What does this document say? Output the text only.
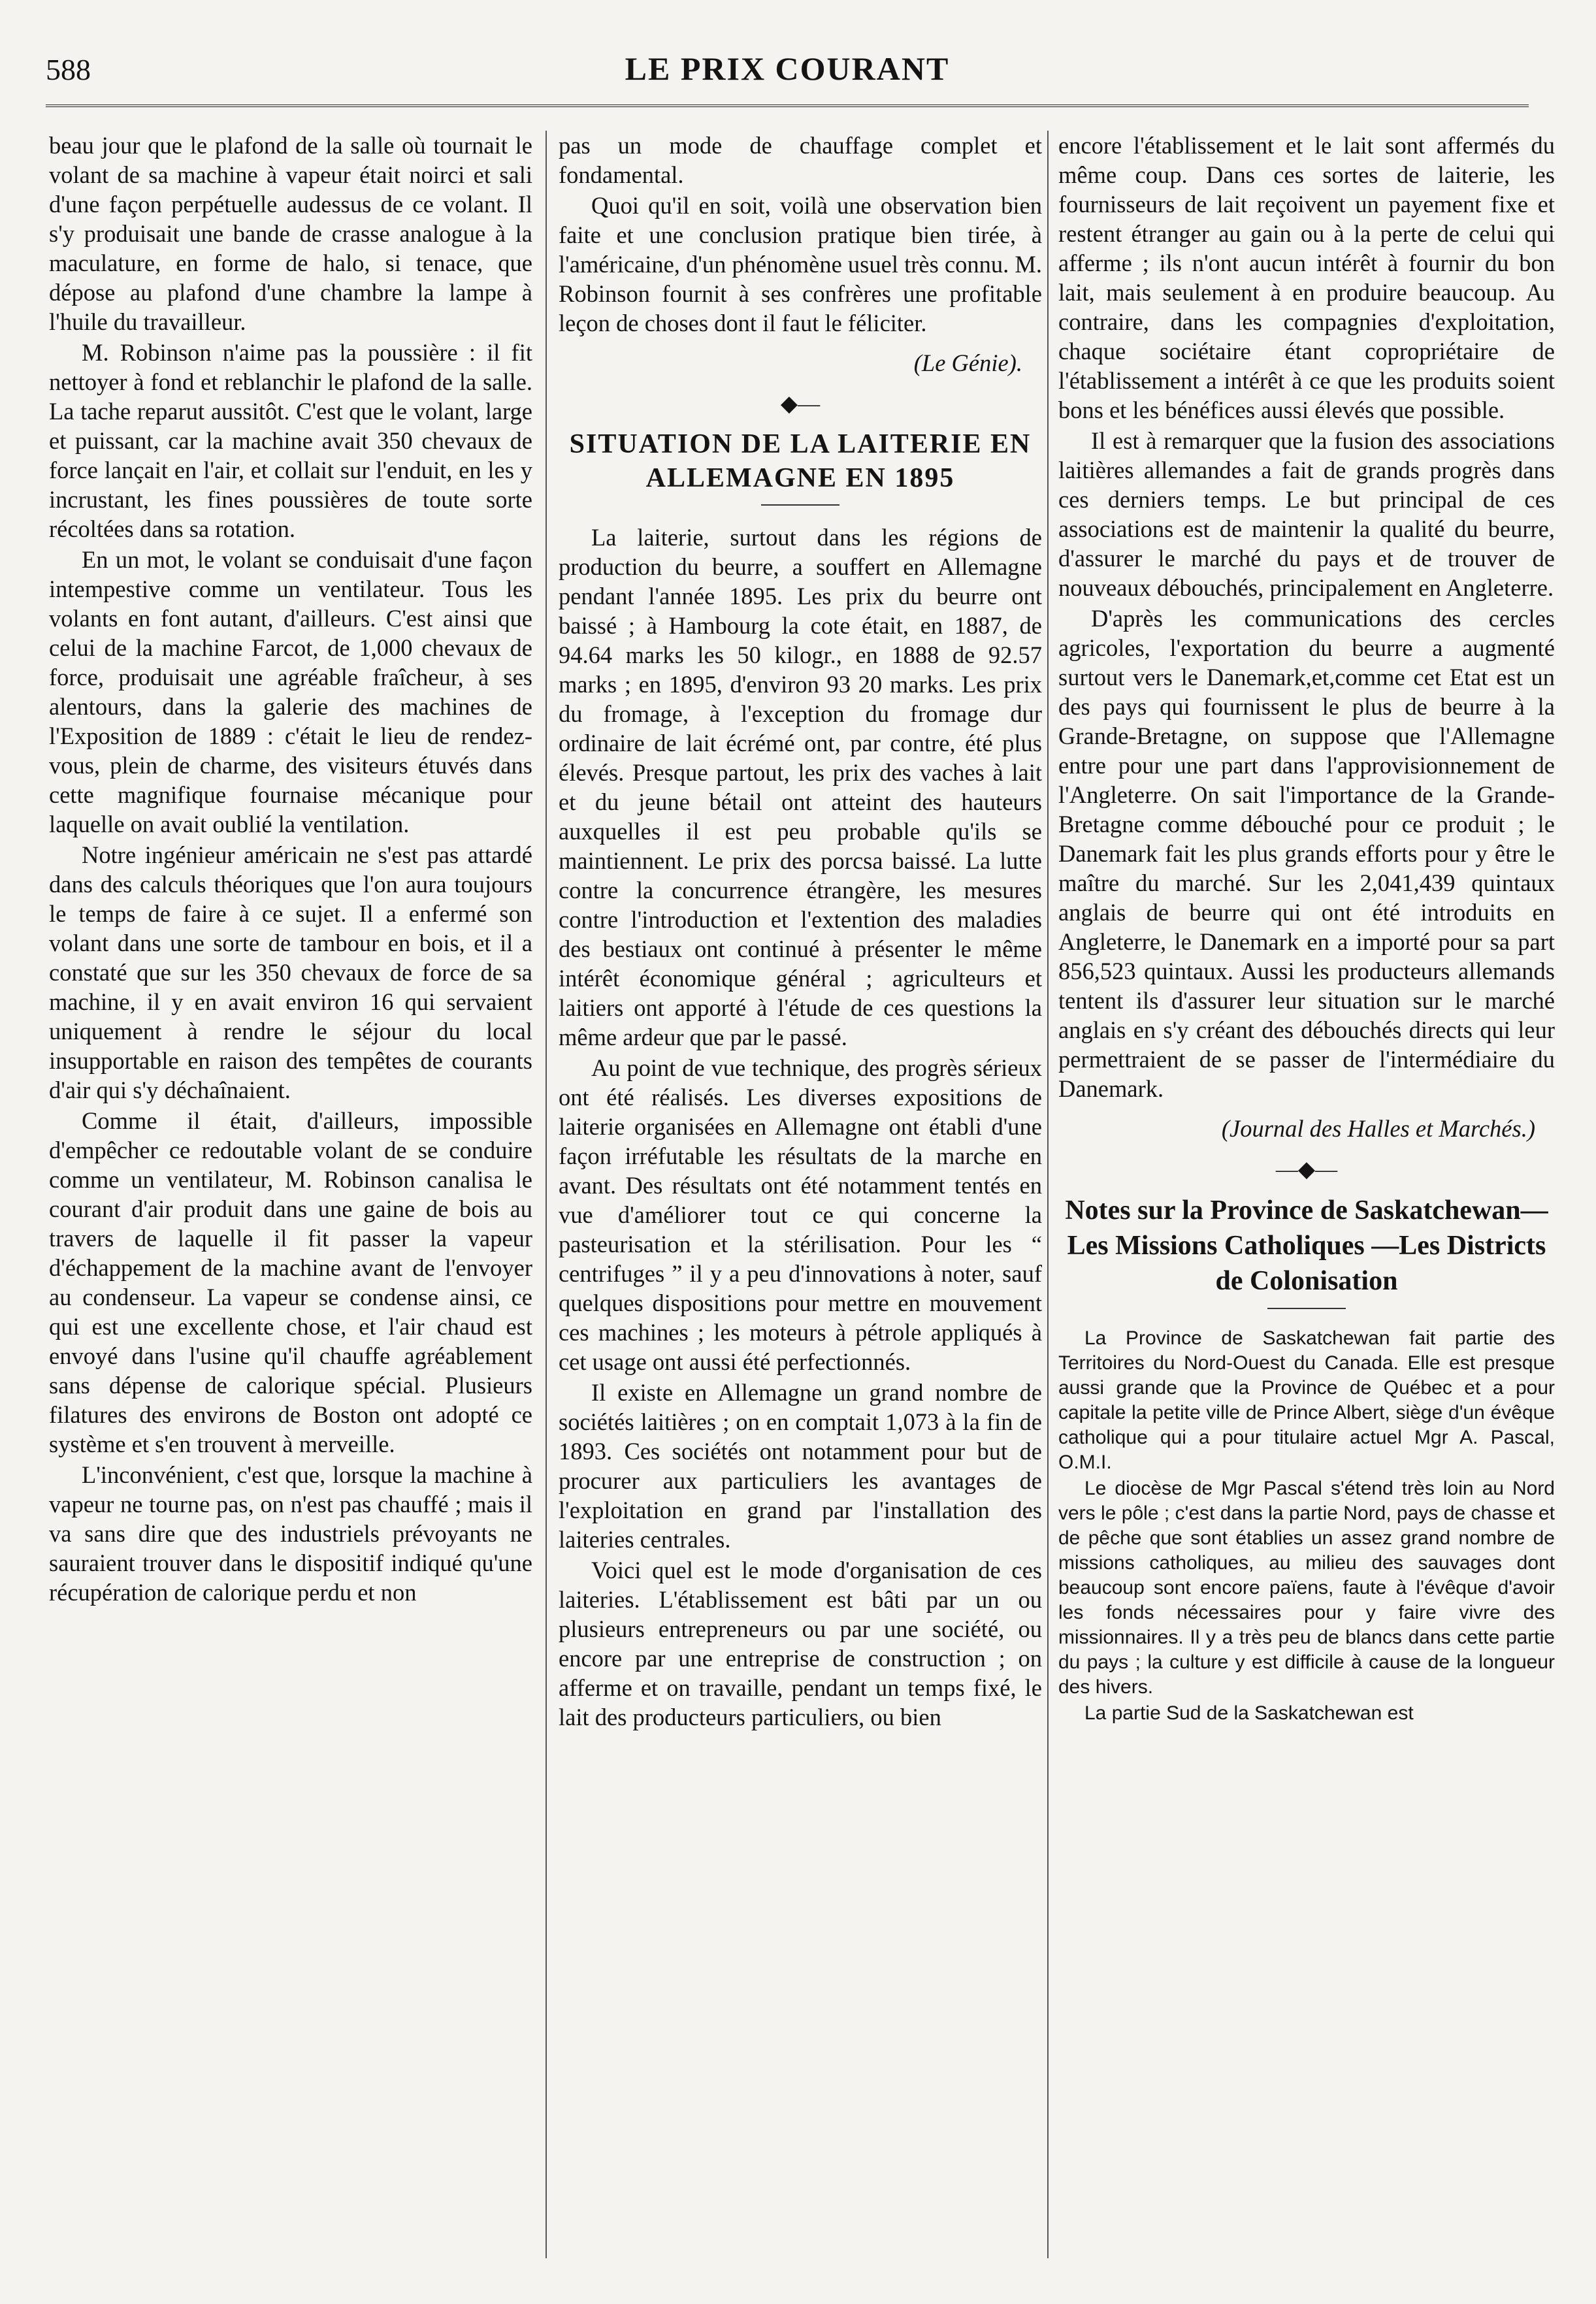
588	LE PRIX COURANT

beau jour que le plafond de la salle où tournait le volant de sa machine à vapeur était noirci et sali d'une façon perpétuelle audessus de ce volant. Il s'y produisait une bande de crasse analogue à la maculature, en forme de halo, si tenace, que dépose au plafond d'une chambre la lampe à l'huile du travailleur.

M. Robinson n'aime pas la poussière : il fit nettoyer à fond et reblanchir le plafond de la salle. La tache reparut aussitôt. C'est que le volant, large et puissant, car la machine avait 350 chevaux de force lançait en l'air, et collait sur l'enduit, en les y incrustant, les fines poussières de toute sorte récoltées dans sa rotation.

En un mot, le volant se conduisait d'une façon intempestive comme un ventilateur. Tous les volants en font autant, d'ailleurs. C'est ainsi que celui de la machine Farcot, de 1,000 chevaux de force, produisait une agréable fraîcheur, à ses alentours, dans la galerie des machines de l'Exposition de 1889 : c'était le lieu de rendez-vous, plein de charme, des visiteurs étuvés dans cette magnifique fournaise mécanique pour laquelle on avait oublié la ventilation.

Notre ingénieur américain ne s'est pas attardé dans des calculs théoriques que l'on aura toujours le temps de faire à ce sujet. Il a enfermé son volant dans une sorte de tambour en bois, et il a constaté que sur les 350 chevaux de force de sa machine, il y en avait environ 16 qui servaient uniquement à rendre le séjour du local insupportable en raison des tempêtes de courants d'air qui s'y déchaînaient.

Comme il était, d'ailleurs, impossible d'empêcher ce redoutable volant de se conduire comme un ventilateur, M. Robinson canalisa le courant d'air produit dans une gaine de bois au travers de laquelle il fit passer la vapeur d'échappement de la machine avant de l'envoyer au condenseur. La vapeur se condense ainsi, ce qui est une excellente chose, et l'air chaud est envoyé dans l'usine qu'il chauffe agréablement sans dépense de calorique spécial. Plusieurs filatures des environs de Boston ont adopté ce système et s'en trouvent à merveille.

L'inconvénient, c'est que, lorsque la machine à vapeur ne tourne pas, on n'est pas chauffé ; mais il va sans dire que des industriels prévoyants ne sauraient trouver dans le dispositif indiqué qu'une récupération de calorique perdu et non

pas un mode de chauffage complet et fondamental.

Quoi qu'il en soit, voilà une observation bien faite et une conclusion pratique bien tirée, à l'américaine, d'un phénomène usuel très connu. M. Robinson fournit à ses confrères une profitable leçon de choses dont il faut le féliciter.

(Le Génie).

◆—
SITUATION DE LA LAITERIE EN ALLEMAGNE EN 1895

La laiterie, surtout dans les régions de production du beurre, a souffert en Allemagne pendant l'année 1895. Les prix du beurre ont baissé ; à Hambourg la cote était, en 1887, de 94.64 marks les 50 kilogr., en 1888 de 92.57 marks ; en 1895, d'environ 93 20 marks. Les prix du fromage, à l'exception du fromage dur ordinaire de lait écrémé ont, par contre, été plus élevés. Presque partout, les prix des vaches à lait et du jeune bétail ont atteint des hauteurs auxquelles il est peu probable qu'ils se maintiennent. Le prix des porcsa baissé. La lutte contre la concurrence étrangère, les mesures contre l'introduction et l'extention des maladies des bestiaux ont continué à présenter le même intérêt économique général ; agriculteurs et laitiers ont apporté à l'étude de ces questions la même ardeur que par le passé.

Au point de vue technique, des progrès sérieux ont été réalisés. Les diverses expositions de laiterie organisées en Allemagne ont établi d'une façon irréfutable les résultats de la marche en avant. Des résultats ont été notamment tentés en vue d'améliorer tout ce qui concerne la pasteurisation et la stérilisation. Pour les “ centrifuges ” il y a peu d'innovations à noter, sauf quelques dispositions pour mettre en mouvement ces machines ; les moteurs à pétrole appliqués à cet usage ont aussi été perfectionnés.

Il existe en Allemagne un grand nombre de sociétés laitières ; on en comptait 1,073 à la fin de 1893. Ces sociétés ont notamment pour but de procurer aux particuliers les avantages de l'exploitation en grand par l'installation des laiteries centrales.

Voici quel est le mode d'organisation de ces laiteries. L'établissement est bâti par un ou plusieurs entrepreneurs ou par une société, ou encore par une entreprise de construction ; on afferme et on travaille, pendant un temps fixé, le lait des producteurs particuliers, ou bien

encore l'établissement et le lait sont affermés du même coup. Dans ces sortes de laiterie, les fournisseurs de lait reçoivent un payement fixe et restent étranger au gain ou à la perte de celui qui afferme ; ils n'ont aucun intérêt à fournir du bon lait, mais seulement à en produire beaucoup. Au contraire, dans les compagnies d'exploitation, chaque sociétaire étant copropriétaire de l'établissement a intérêt à ce que les produits soient bons et les bénéfices aussi élevés que possible.

Il est à remarquer que la fusion des associations laitières allemandes a fait de grands progrès dans ces derniers temps. Le but principal de ces associations est de maintenir la qualité du beurre, d'assurer le marché du pays et de trouver de nouveaux débouchés, principalement en Angleterre.

D'après les communications des cercles agricoles, l'exportation du beurre a augmenté surtout vers le Danemark,et,comme cet Etat est un des pays qui fournissent le plus de beurre à la Grande-Bretagne, on suppose que l'Allemagne entre pour une part dans l'approvisionnement de l'Angleterre. On sait l'importance de la Grande-Bretagne comme débouché pour ce produit ; le Danemark fait les plus grands efforts pour y être le maître du marché. Sur les 2,041,439 quintaux anglais de beurre qui ont été introduits en Angleterre, le Danemark en a importé pour sa part 856,523 quintaux. Aussi les producteurs allemands tentent ils d'assurer leur situation sur le marché anglais en s'y créant des débouchés directs qui leur permettraient de se passer de l'intermédiaire du Danemark.

(Journal des Halles et Marchés.)

—◆—
Notes sur la Province de Saskatchewan—Les Missions Catholiques —Les Districts de Colonisation

La Province de Saskatchewan fait partie des Territoires du Nord-Ouest du Canada. Elle est presque aussi grande que la Province de Québec et a pour capitale la petite ville de Prince Albert, siège d'un évêque catholique qui a pour titulaire actuel Mgr A. Pascal, O.M.I.

Le diocèse de Mgr Pascal s'étend très loin au Nord vers le pôle ; c'est dans la partie Nord, pays de chasse et de pêche que sont établies un assez grand nombre de missions catholiques, au milieu des sauvages dont beaucoup sont encore païens, faute à l'évêque d'avoir les fonds nécessaires pour y faire vivre des missionnaires. Il y a très peu de blancs dans cette partie du pays ; la culture y est difficile à cause de la longueur des hivers.

La partie Sud de la Saskatchewan est
